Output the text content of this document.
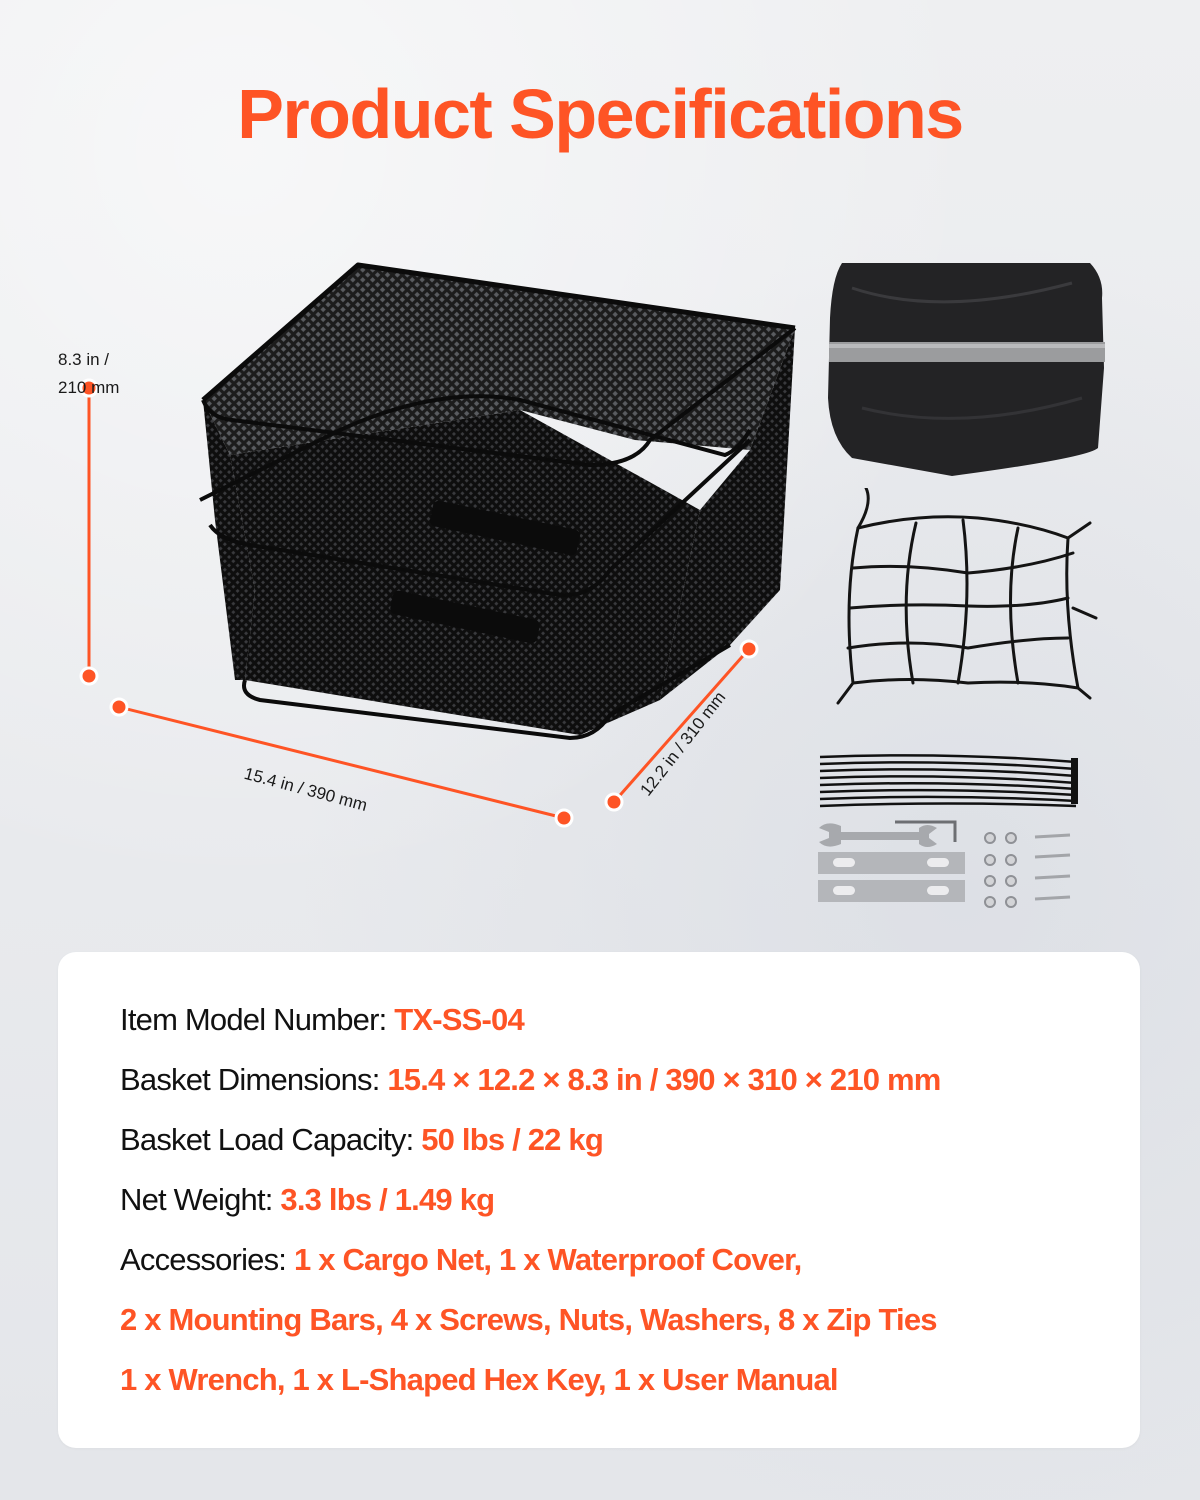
Product Specifications
8.3 in /
210 mm
15.4 in / 390 mm	12.2 in / 310 mm
Item Model Number: TX-SS-04
Basket Dimensions: 15.4 × 12.2 × 8.3 in / 390 × 310 × 210 mm
Basket Load Capacity: 50 lbs / 22 kg
Net Weight: 3.3 lbs / 1.49 kg
Accessories: 1 x Cargo Net, 1 x Waterproof Cover,
2 x Mounting Bars, 4 x Screws, Nuts, Washers, 8 x Zip Ties
1 x Wrench, 1 x L-Shaped Hex Key, 1 x User Manual
